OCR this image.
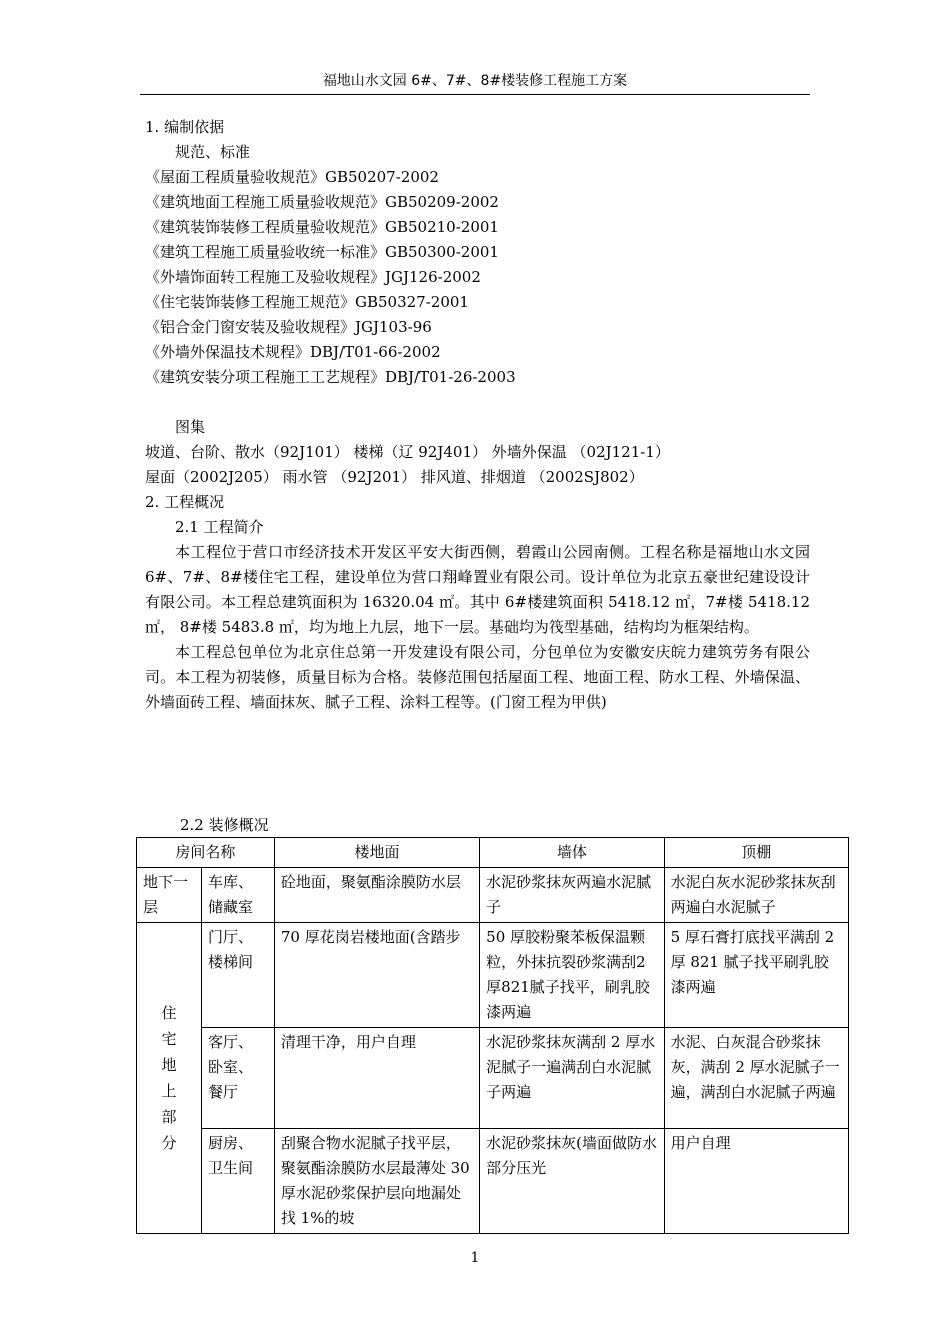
福地山水文园 6#、7#、8#楼装修工程施工方案
1. 编制依据
规范、标准
《屋面工程质量验收规范》GB50207-2002
《建筑地面工程施工质量验收规范》GB50209-2002
《建筑装饰装修工程质量验收规范》GB50210-2001
《建筑工程施工质量验收统一标准》GB50300-2001
《外墙饰面转工程施工及验收规程》JGJ126-2002
《住宅装饰装修工程施工规范》GB50327-2001
《铝合金门窗安装及验收规程》JGJ103-96
《外墙外保温技术规程》DBJ/T01-66-2002
《建筑安装分项工程施工工艺规程》DBJ/T01-26-2003
图集
坡道、台阶、散水（92J101） 楼梯（辽 92J401） 外墙外保温 （02J121-1）
屋面（2002J205） 雨水管 （92J201） 排风道、排烟道 （2002SJ802）
2. 工程概况
2.1 工程简介
本工程位于营口市经济技术开发区平安大街西侧，碧霞山公园南侧。工程名称是福地山水文园 6#、7#、8#楼住宅工程，建设单位为营口翔峰置业有限公司。设计单位为北京五豪世纪建设设计有限公司。本工程总建筑面积为 16320.04 ㎡。其中 6#楼建筑面积 5418.12 ㎡，7#楼 5418.12 ㎡， 8#楼 5483.8 ㎡，均为地上九层，地下一层。基础均为筏型基础，结构均为框架结构。
本工程总包单位为北京住总第一开发建设有限公司，分包单位为安徽安庆皖力建筑劳务有限公司。本工程为初装修，质量目标为合格。装修范围包括屋面工程、地面工程、防水工程、外墙保温、外墙面砖工程、墙面抹灰、腻子工程、涂料工程等。(门窗工程为甲供)
2.2 装修概况
房间名称		楼地面	墙体	顶棚
地下一层	车库、储藏室	砼地面，聚氨酯涂膜防水层	水泥砂浆抹灰两遍水泥腻子	水泥白灰水泥砂浆抹灰刮两遍白水泥腻子
住宅地上部分	门厅、楼梯间	70 厚花岗岩楼地面(含踏步	50 厚胶粉聚苯板保温颗粒，外抹抗裂砂浆满刮2厚821腻子找平，刷乳胶漆两遍	5 厚石膏打底找平满刮 2 厚 821 腻子找平刷乳胶漆两遍
	客厅、卧室、餐厅	清理干净，用户自理	水泥砂浆抹灰满刮 2 厚水泥腻子一遍满刮白水泥腻子两遍	水泥、白灰混合砂浆抹灰，满刮 2 厚水泥腻子一遍，满刮白水泥腻子两遍
	厨房、卫生间	刮聚合物水泥腻子找平层，聚氨酯涂膜防水层最薄处 30 厚水泥砂浆保护层向地漏处找 1%的坡	水泥砂浆抹灰(墙面做防水部分压光	用户自理
1
